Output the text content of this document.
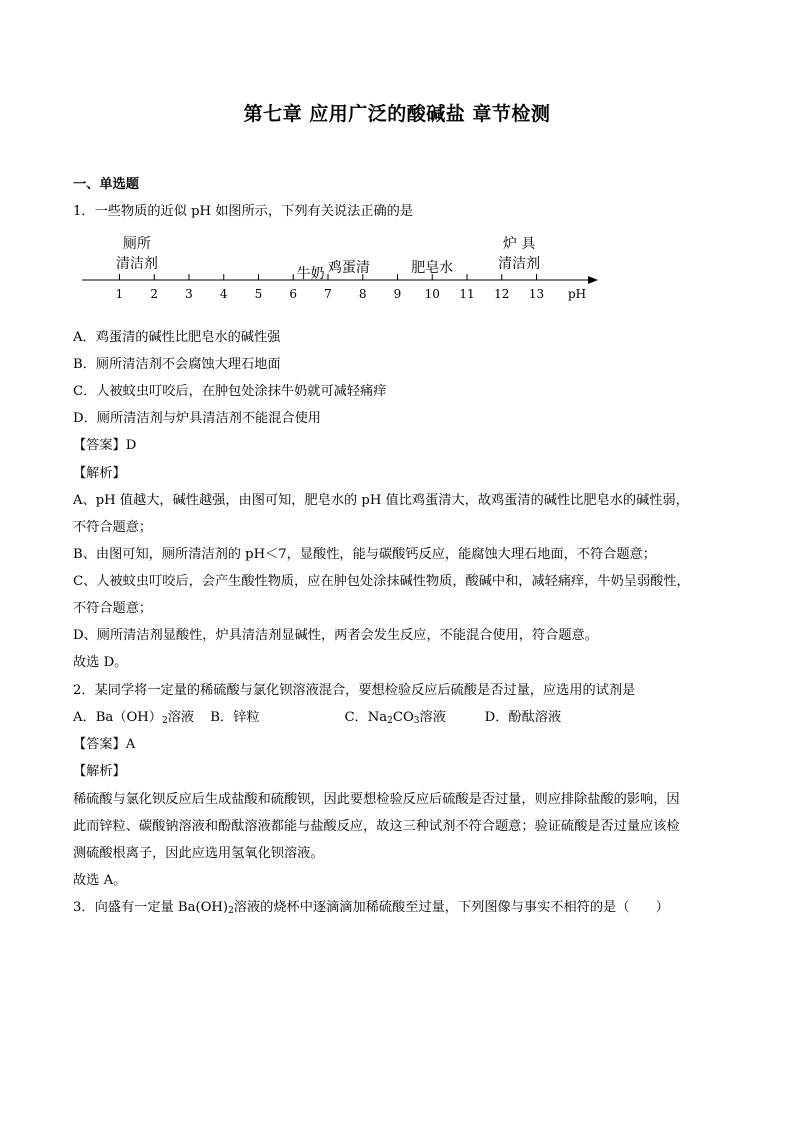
第七章 应用广泛的酸碱盐 章节检测
一、单选题
1．一些物质的近似 pH 如图所示，下列有关说法正确的是
1 2 3 4 5 6 7 8 9 10 11 12 13 pH
厕所
清洁剂
牛奶 鸡蛋清	肥皂水
炉 具
清洁剂
A．鸡蛋清的碱性比肥皂水的碱性强
B．厕所清洁剂不会腐蚀大理石地面
C．人被蚊虫叮咬后，在肿包处涂抹牛奶就可减轻痛痒
D．厕所清洁剂与炉具清洁剂不能混合使用
【答案】D
【解析】
A、pH 值越大，碱性越强，由图可知，肥皂水的 pH 值比鸡蛋清大，故鸡蛋清的碱性比肥皂水的碱性弱，
不符合题意；
B、由图可知，厕所清洁剂的 pH＜7，显酸性，能与碳酸钙反应，能腐蚀大理石地面，不符合题意；
C、人被蚊虫叮咬后，会产生酸性物质，应在肿包处涂抹碱性物质，酸碱中和，减轻痛痒，牛奶呈弱酸性，
不符合题意；
D、厕所清洁剂显酸性，炉具清洁剂显碱性，两者会发生反应，不能混合使用，符合题意。
故选 D。
2．某同学将一定量的稀硫酸与氯化钡溶液混合，要想检验反应后硫酸是否过量，应选用的试剂是
A．$Ba(OH)_2$溶液 B．锌粒	C．$Na_2CO_3$溶液	D．酚酞溶液
【答案】A
【解析】
稀硫酸与氯化钡反应后生成盐酸和硫酸钡，因此要想检验反应后硫酸是否过量，则应排除盐酸的影响，因
此而锌粒、碳酸钠溶液和酚酞溶液都能与盐酸反应，故这三种试剂不符合题意；验证硫酸是否过量应该检
测硫酸根离子，因此应选用氢氧化钡溶液。
故选 A。
3．向盛有一定量 $Ba(OH)_2$溶液的烧杯中逐滴滴加稀硫酸至过量，下列图像与事实不相符的是（　　）
